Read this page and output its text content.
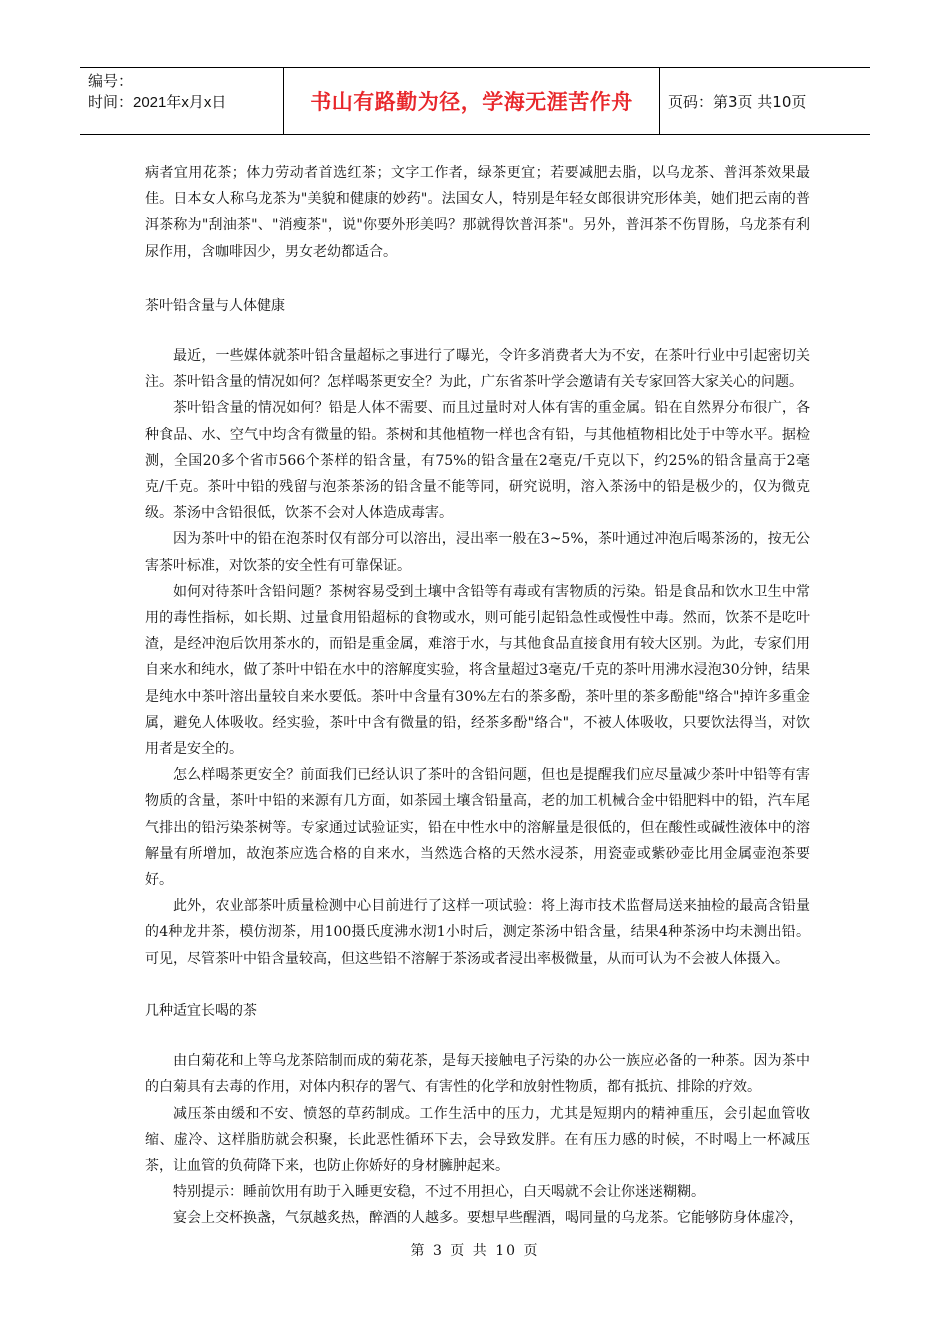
编号：
时间：2021年x月x日	书山有路勤为径，学海无涯苦作舟	页码：第3页 共10页

病者宜用花茶；体力劳动者首选红茶；文字工作者，绿茶更宜；若要减肥去脂，以乌龙茶、普洱茶效果最佳。日本女人称乌龙茶为"美貌和健康的妙药"。法国女人，特别是年轻女郎很讲究形体美，她们把云南的普洱茶称为"刮油茶"、"消瘦茶"，说"你要外形美吗？那就得饮普洱茶"。另外，普洱茶不伤胃肠，乌龙茶有利尿作用，含咖啡因少，男女老幼都适合。

茶叶铅含量与人体健康

最近，一些媒体就茶叶铅含量超标之事进行了曝光，令许多消费者大为不安，在茶叶行业中引起密切关注。茶叶铅含量的情况如何？怎样喝茶更安全？为此，广东省茶叶学会邀请有关专家回答大家关心的问题。

茶叶铅含量的情况如何？铅是人体不需要、而且过量时对人体有害的重金属。铅在自然界分布很广，各种食品、水、空气中均含有微量的铅。茶树和其他植物一样也含有铅，与其他植物相比处于中等水平。据检测，全国20多个省市566个茶样的铅含量，有75%的铅含量在2毫克/千克以下，约25%的铅含量高于2毫克/千克。茶叶中铅的残留与泡茶茶汤的铅含量不能等同，研究说明，溶入茶汤中的铅是极少的，仅为微克级。茶汤中含铅很低，饮茶不会对人体造成毒害。

因为茶叶中的铅在泡茶时仅有部分可以溶出，浸出率一般在3~5%，茶叶通过冲泡后喝茶汤的，按无公害茶叶标准，对饮茶的安全性有可靠保证。

如何对待茶叶含铅问题？茶树容易受到土壤中含铅等有毒或有害物质的污染。铅是食品和饮水卫生中常用的毒性指标，如长期、过量食用铅超标的食物或水，则可能引起铅急性或慢性中毒。然而，饮茶不是吃叶渣，是经冲泡后饮用茶水的，而铅是重金属，难溶于水，与其他食品直接食用有较大区别。为此，专家们用自来水和纯水，做了茶叶中铅在水中的溶解度实验，将含量超过3毫克/千克的茶叶用沸水浸泡30分钟，结果是纯水中茶叶溶出量较自来水要低。茶叶中含量有30%左右的茶多酚，茶叶里的茶多酚能"络合"掉许多重金属，避免人体吸收。经实验，茶叶中含有微量的铅，经茶多酚"络合"，不被人体吸收，只要饮法得当，对饮用者是安全的。

怎么样喝茶更安全？前面我们已经认识了茶叶的含铅问题，但也是提醒我们应尽量减少茶叶中铅等有害物质的含量，茶叶中铅的来源有几方面，如茶园土壤含铅量高，老的加工机械合金中铅肥料中的铅，汽车尾气排出的铅污染茶树等。专家通过试验证实，铅在中性水中的溶解量是很低的，但在酸性或碱性液体中的溶解量有所增加，故泡茶应选合格的自来水，当然选合格的天然水浸茶，用瓷壶或紫砂壶比用金属壶泡茶要好。

此外，农业部茶叶质量检测中心目前进行了这样一项试验：将上海市技术监督局送来抽检的最高含铅量的4种龙井茶，模仿沏茶，用100摄氏度沸水沏1小时后，测定茶汤中铅含量，结果4种茶汤中均未测出铅。可见，尽管茶叶中铅含量较高，但这些铅不溶解于茶汤或者浸出率极微量，从而可认为不会被人体摄入。

几种适宜长喝的茶

由白菊花和上等乌龙茶陪制而成的菊花茶，是每天接触电子污染的办公一族应必备的一种茶。因为茶中的白菊具有去毒的作用，对体内积存的署气、有害性的化学和放射性物质，都有抵抗、排除的疗效。

减压茶由缓和不安、愤怒的草药制成。工作生活中的压力，尤其是短期内的精神重压，会引起血管收缩、虚冷、这样脂肪就会积聚，长此恶性循环下去，会导致发胖。在有压力感的时候，不时喝上一杯减压茶，让血管的负荷降下来，也防止你娇好的身材臃肿起来。

特别提示：睡前饮用有助于入睡更安稳，不过不用担心，白天喝就不会让你迷迷糊糊。

宴会上交杯换盏，气氛越炙热，醉酒的人越多。要想早些醒酒，喝同量的乌龙茶。它能够防身体虚冷，

第 3 页 共 10 页
